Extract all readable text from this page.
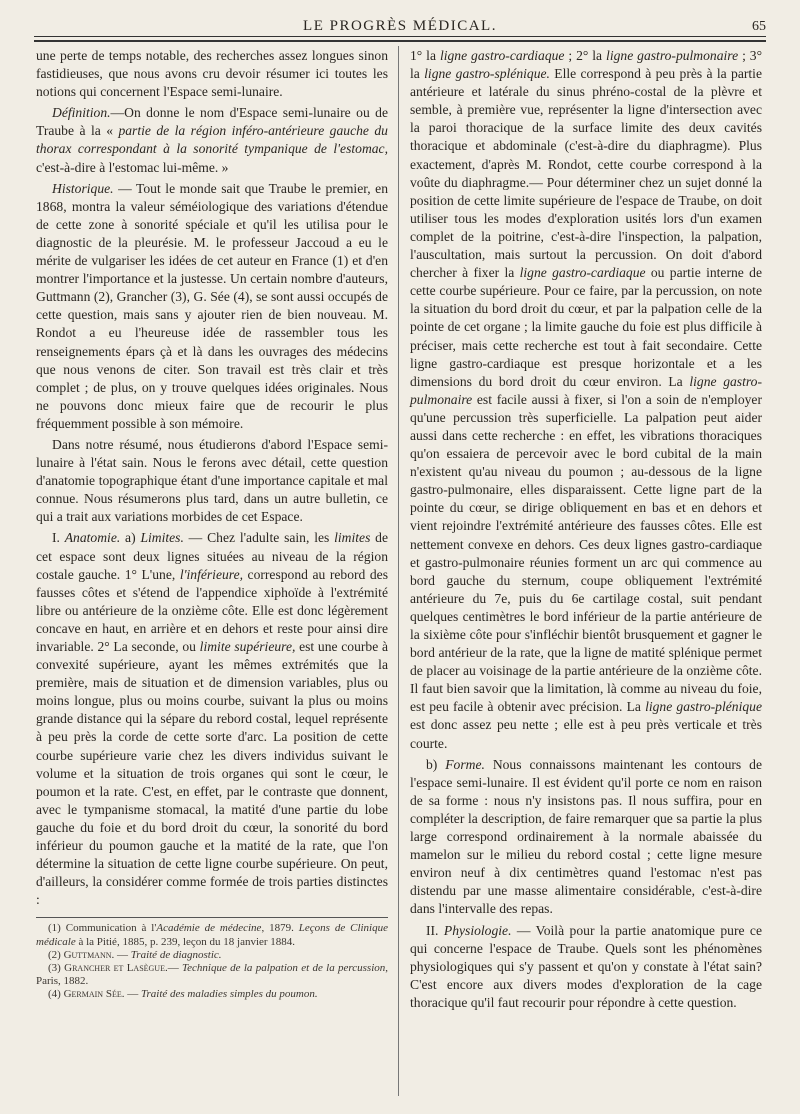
LE PROGRÈS MÉDICAL.	65

une perte de temps notable, des recherches assez longues sinon fastidieuses, que nous avons cru devoir résumer ici toutes les notions qui concernent l'Espace semi-lunaire.

Définition.—On donne le nom d'Espace semi-lunaire ou de Traube à la « partie de la région inféro-antérieure gauche du thorax correspondant à la sonorité tympanique de l'estomac, c'est-à-dire à l'estomac lui-même. »

Historique. — Tout le monde sait que Traube le premier, en 1868, montra la valeur séméiologique des variations d'étendue de cette zone à sonorité spéciale et qu'il les utilisa pour le diagnostic de la pleurésie. M. le professeur Jaccoud a eu le mérite de vulgariser les idées de cet auteur en France (1) et d'en montrer l'importance et la justesse. Un certain nombre d'auteurs, Guttmann (2), Grancher (3), G. Sée (4), se sont aussi occupés de cette question, mais sans y ajouter rien de bien nouveau. M. Rondot a eu l'heureuse idée de rassembler tous les renseignements épars çà et là dans les ouvrages des médecins que nous venons de citer. Son travail est très clair et très complet ; de plus, on y trouve quelques idées originales. Nous ne pouvons donc mieux faire que de recourir le plus fréquemment possible à son mémoire.

Dans notre résumé, nous étudierons d'abord l'Espace semi-lunaire à l'état sain. Nous le ferons avec détail, cette question d'anatomie topographique étant d'une importance capitale et mal connue. Nous résumerons plus tard, dans un autre bulletin, ce qui a trait aux variations morbides de cet Espace.

I. Anatomie. a) Limites. — Chez l'adulte sain, les limites de cet espace sont deux lignes situées au niveau de la région costale gauche. 1° L'une, l'inférieure, correspond au rebord des fausses côtes et s'étend de l'appendice xiphoïde à l'extrémité libre ou antérieure de la onzième côte. Elle est donc légèrement concave en haut, en arrière et en dehors et reste pour ainsi dire invariable. 2° La seconde, ou limite supérieure, est une courbe à convexité supérieure, ayant les mêmes extrémités que la première, mais de situation et de dimension variables, plus ou moins longue, plus ou moins courbe, suivant la plus ou moins grande distance qui la sépare du rebord costal, lequel représente à peu près la corde de cette sorte d'arc. La position de cette courbe supérieure varie chez les divers individus suivant le volume et la situation de trois organes qui sont le cœur, le poumon et la rate. C'est, en effet, par le contraste que donnent, avec le tympanisme stomacal, la matité d'une partie du lobe gauche du foie et du bord droit du cœur, la sonorité du bord inférieur du poumon gauche et la matité de la rate, que l'on détermine la situation de cette ligne courbe supérieure. On peut, d'ailleurs, la considérer comme formée de trois parties distinctes :

(1) Communication à l'Académie de médecine, 1879. Leçons de Clinique médicale à la Pitié, 1885, p. 239, leçon du 18 janvier 1884.

(2) Guttmann. — Traité de diagnostic.

(3) Grancher et Lasègue.— Technique de la palpation et de la percussion, Paris, 1882.

(4) Germain Sée. — Traité des maladies simples du poumon.

1° la ligne gastro-cardiaque ; 2° la ligne gastro-pulmonaire ; 3° la ligne gastro-splénique. Elle correspond à peu près à la partie antérieure et latérale du sinus phréno-costal de la plèvre et semble, à première vue, représenter la ligne d'intersection avec la paroi thoracique de la surface limite des deux cavités thoracique et abdominale (c'est-à-dire du diaphragme). Plus exactement, d'après M. Rondot, cette courbe correspond à la voûte du diaphragme.— Pour déterminer chez un sujet donné la position de cette limite supérieure de l'espace de Traube, on doit utiliser tous les modes d'exploration usités lors d'un examen complet de la poitrine, c'est-à-dire l'inspection, la palpation, l'auscultation, mais surtout la percussion. On doit d'abord chercher à fixer la ligne gastro-cardiaque ou partie interne de cette courbe supérieure. Pour ce faire, par la percussion, on note la situation du bord droit du cœur, et par la palpation celle de la pointe de cet organe ; la limite gauche du foie est plus difficile à préciser, mais cette recherche est tout à fait secondaire. Cette ligne gastro-cardiaque est presque horizontale et a les dimensions du bord droit du cœur environ. La ligne gastro-pulmonaire est facile aussi à fixer, si l'on a soin de n'employer qu'une percussion très superficielle. La palpation peut aider aussi dans cette recherche : en effet, les vibrations thoraciques qu'on essaiera de percevoir avec le bord cubital de la main n'existent qu'au niveau du poumon ; au-dessous de la ligne gastro-pulmonaire, elles disparaissent. Cette ligne part de la pointe du cœur, se dirige obliquement en bas et en dehors et vient rejoindre l'extrémité antérieure des fausses côtes. Elle est nettement convexe en dehors. Ces deux lignes gastro-cardiaque et gastro-pulmonaire réunies forment un arc qui commence au bord gauche du sternum, coupe obliquement l'extrémité antérieure du 7e, puis du 6e cartilage costal, suit pendant quelques centimètres le bord inférieur de la partie antérieure de la sixième côte pour s'infléchir bientôt brusquement et gagner le bord antérieur de la rate, que la ligne de matité splénique permet de placer au voisinage de la partie antérieure de la onzième côte. Il faut bien savoir que la limitation, là comme au niveau du foie, est peu facile à obtenir avec précision. La ligne gastro-plénique est donc assez peu nette ; elle est à peu près verticale et très courte.

b) Forme. Nous connaissons maintenant les contours de l'espace semi-lunaire. Il est évident qu'il porte ce nom en raison de sa forme : nous n'y insistons pas. Il nous suffira, pour en compléter la description, de faire remarquer que sa partie la plus large correspond ordinairement à la normale abaissée du mamelon sur le milieu du rebord costal ; cette ligne mesure environ neuf à dix centimètres quand l'estomac n'est pas distendu par une masse alimentaire considérable, c'est-à-dire dans l'intervalle des repas.

II. Physiologie. — Voilà pour la partie anatomique pure ce qui concerne l'espace de Traube. Quels sont les phénomènes physiologiques qui s'y passent et qu'on y constate à l'état sain? C'est encore aux divers modes d'exploration de la cage thoracique qu'il faut recourir pour répondre à cette question.
